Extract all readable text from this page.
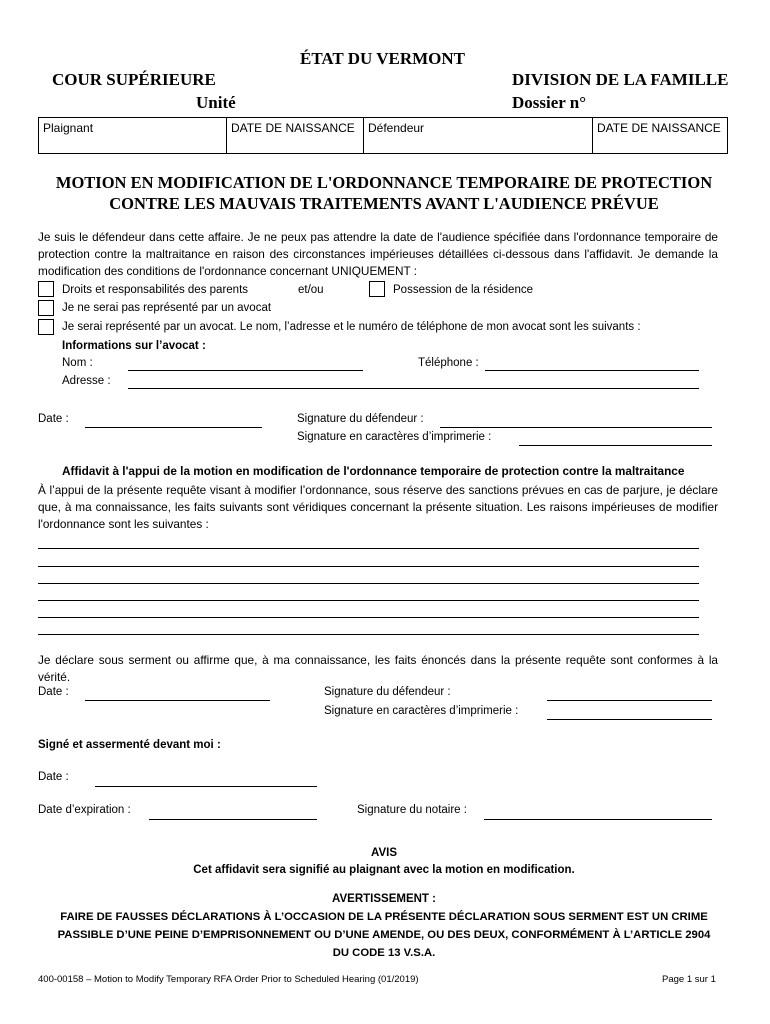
ÉTAT DU VERMONT
COUR SUPÉRIEURE
Unité
DIVISION DE LA FAMILLE
Dossier n°
Plaignant	DATE DE NAISSANCE	Défendeur	DATE DE NAISSANCE
MOTION EN MODIFICATION DE L'ORDONNANCE TEMPORAIRE DE PROTECTION
CONTRE LES MAUVAIS TRAITEMENTS AVANT L'AUDIENCE PRÉVUE
Je suis le défendeur dans cette affaire. Je ne peux pas attendre la date de l'audience spécifiée dans l'ordonnance temporaire de protection contre la maltraitance en raison des circonstances impérieuses détaillées ci-dessous dans l'affidavit. Je demande la modification des conditions de l'ordonnance concernant UNIQUEMENT :
Droits et responsabilités des parents	et/ou	Possession de la résidence
Je ne serai pas représenté par un avocat
Je serai représenté par un avocat. Le nom, l’adresse et le numéro de téléphone de mon avocat sont les suivants :
Informations sur l’avocat :
Nom :	Téléphone :
Adresse :
Date :	Signature du défendeur :
Signature en caractères d’imprimerie :
Affidavit à l'appui de la motion en modification de l'ordonnance temporaire de protection contre la maltraitance
À l’appui de la présente requête visant à modifier l’ordonnance, sous réserve des sanctions prévues en cas de parjure, je déclare que, à ma connaissance, les faits suivants sont véridiques concernant la présente situation. Les raisons impérieuses de modifier l'ordonnance sont les suivantes :
Je déclare sous serment ou affirme que, à ma connaissance, les faits énoncés dans la présente requête sont conformes à la vérité.
Date :	Signature du défendeur :
Signature en caractères d’imprimerie :
Signé et assermenté devant moi :
Date :
Date d’expiration :	Signature du notaire :
AVIS
Cet affidavit sera signifié au plaignant avec la motion en modification.
AVERTISSEMENT :
FAIRE DE FAUSSES DÉCLARATIONS À L’OCCASION DE LA PRÉSENTE DÉCLARATION SOUS SERMENT EST UN CRIME
PASSIBLE D’UNE PEINE D’EMPRISONNEMENT OU D’UNE AMENDE, OU DES DEUX, CONFORMÉMENT À L’ARTICLE 2904
DU CODE 13 V.S.A.
400-00158 – Motion to Modify Temporary RFA Order Prior to Scheduled Hearing (01/2019)	Page 1 sur 1
